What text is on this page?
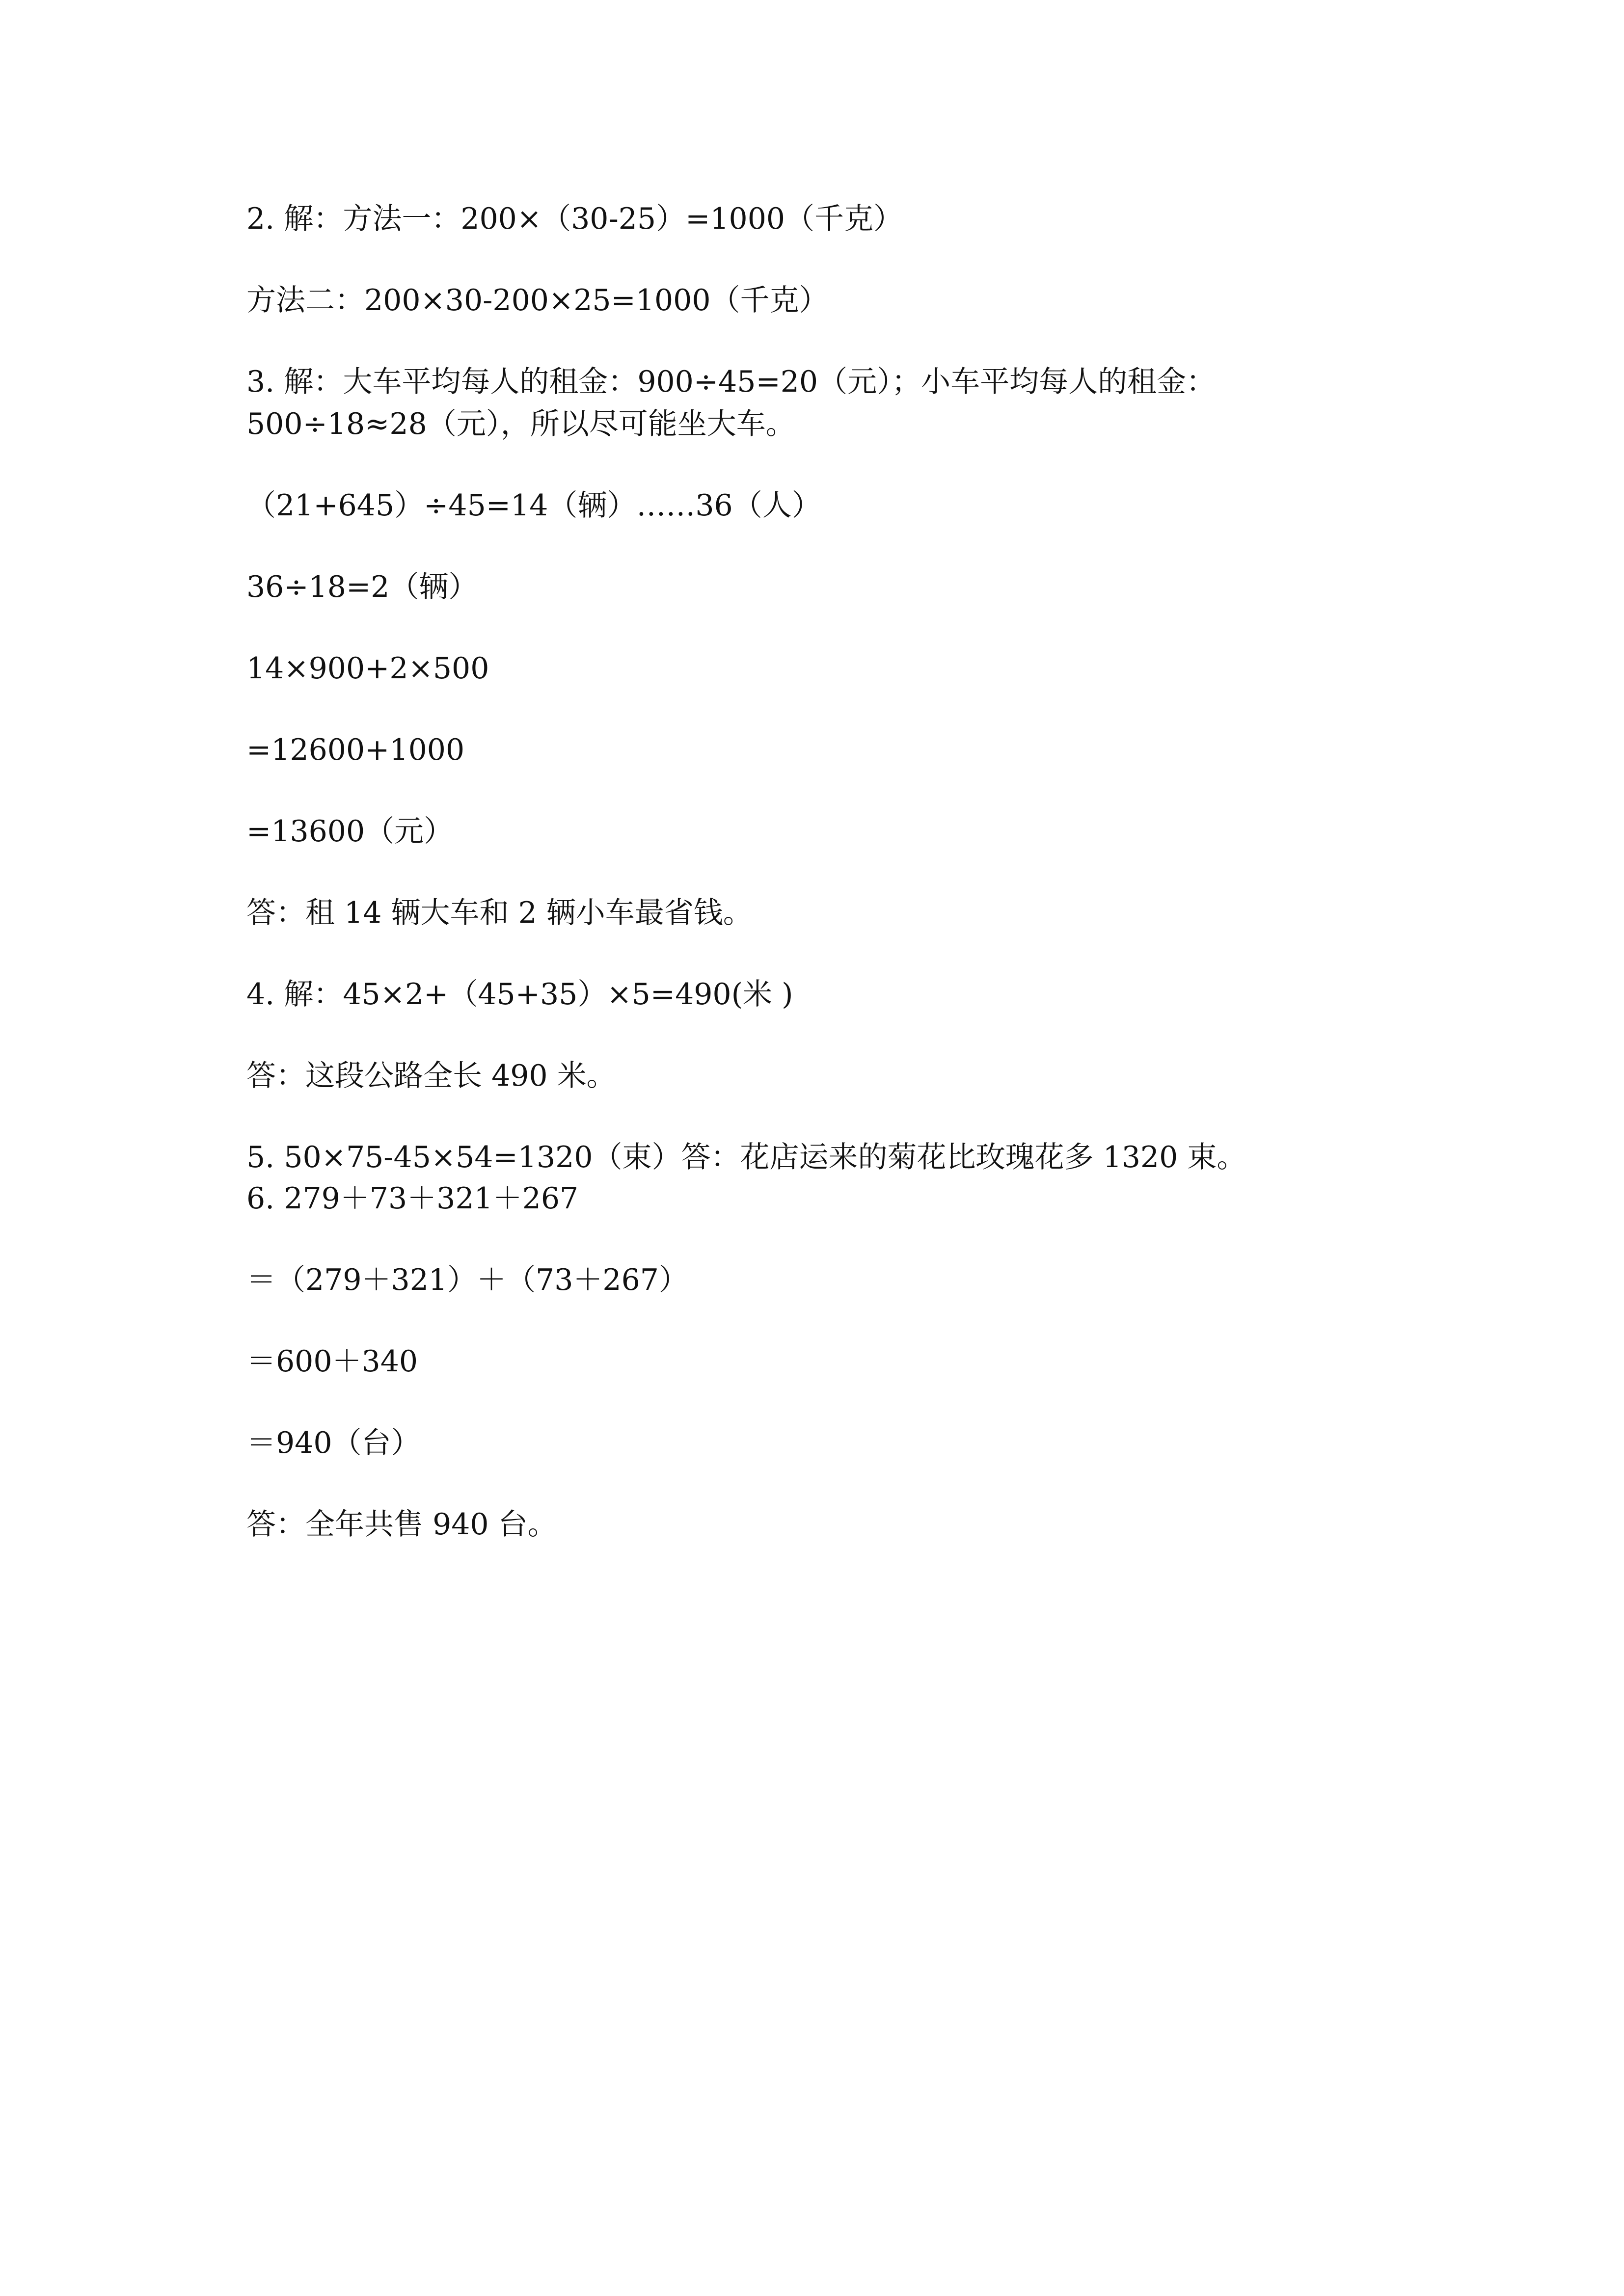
2. 解：方法一：200×（30-25）=1000（千克）
方法二：200×30-200×25=1000（千克）
3. 解：大车平均每人的租金：900÷45=20（元）；小车平均每人的租金：
500÷18≈28（元），所以尽可能坐大车。
（21+645）÷45=14（辆）……36（人）
36÷18=2（辆）
14×900+2×500
=12600+1000
=13600（元）
答：租 14 辆大车和 2 辆小车最省钱。
4. 解：45×2+（45+35）×5=490(米 )
答：这段公路全长 490 米。
5. 50×75-45×54=1320（束）答：花店运来的菊花比玫瑰花多 1320 束。
6. 279＋73＋321＋267
＝（279＋321）＋（73＋267）
＝600＋340
＝940（台）
答：全年共售 940 台。
